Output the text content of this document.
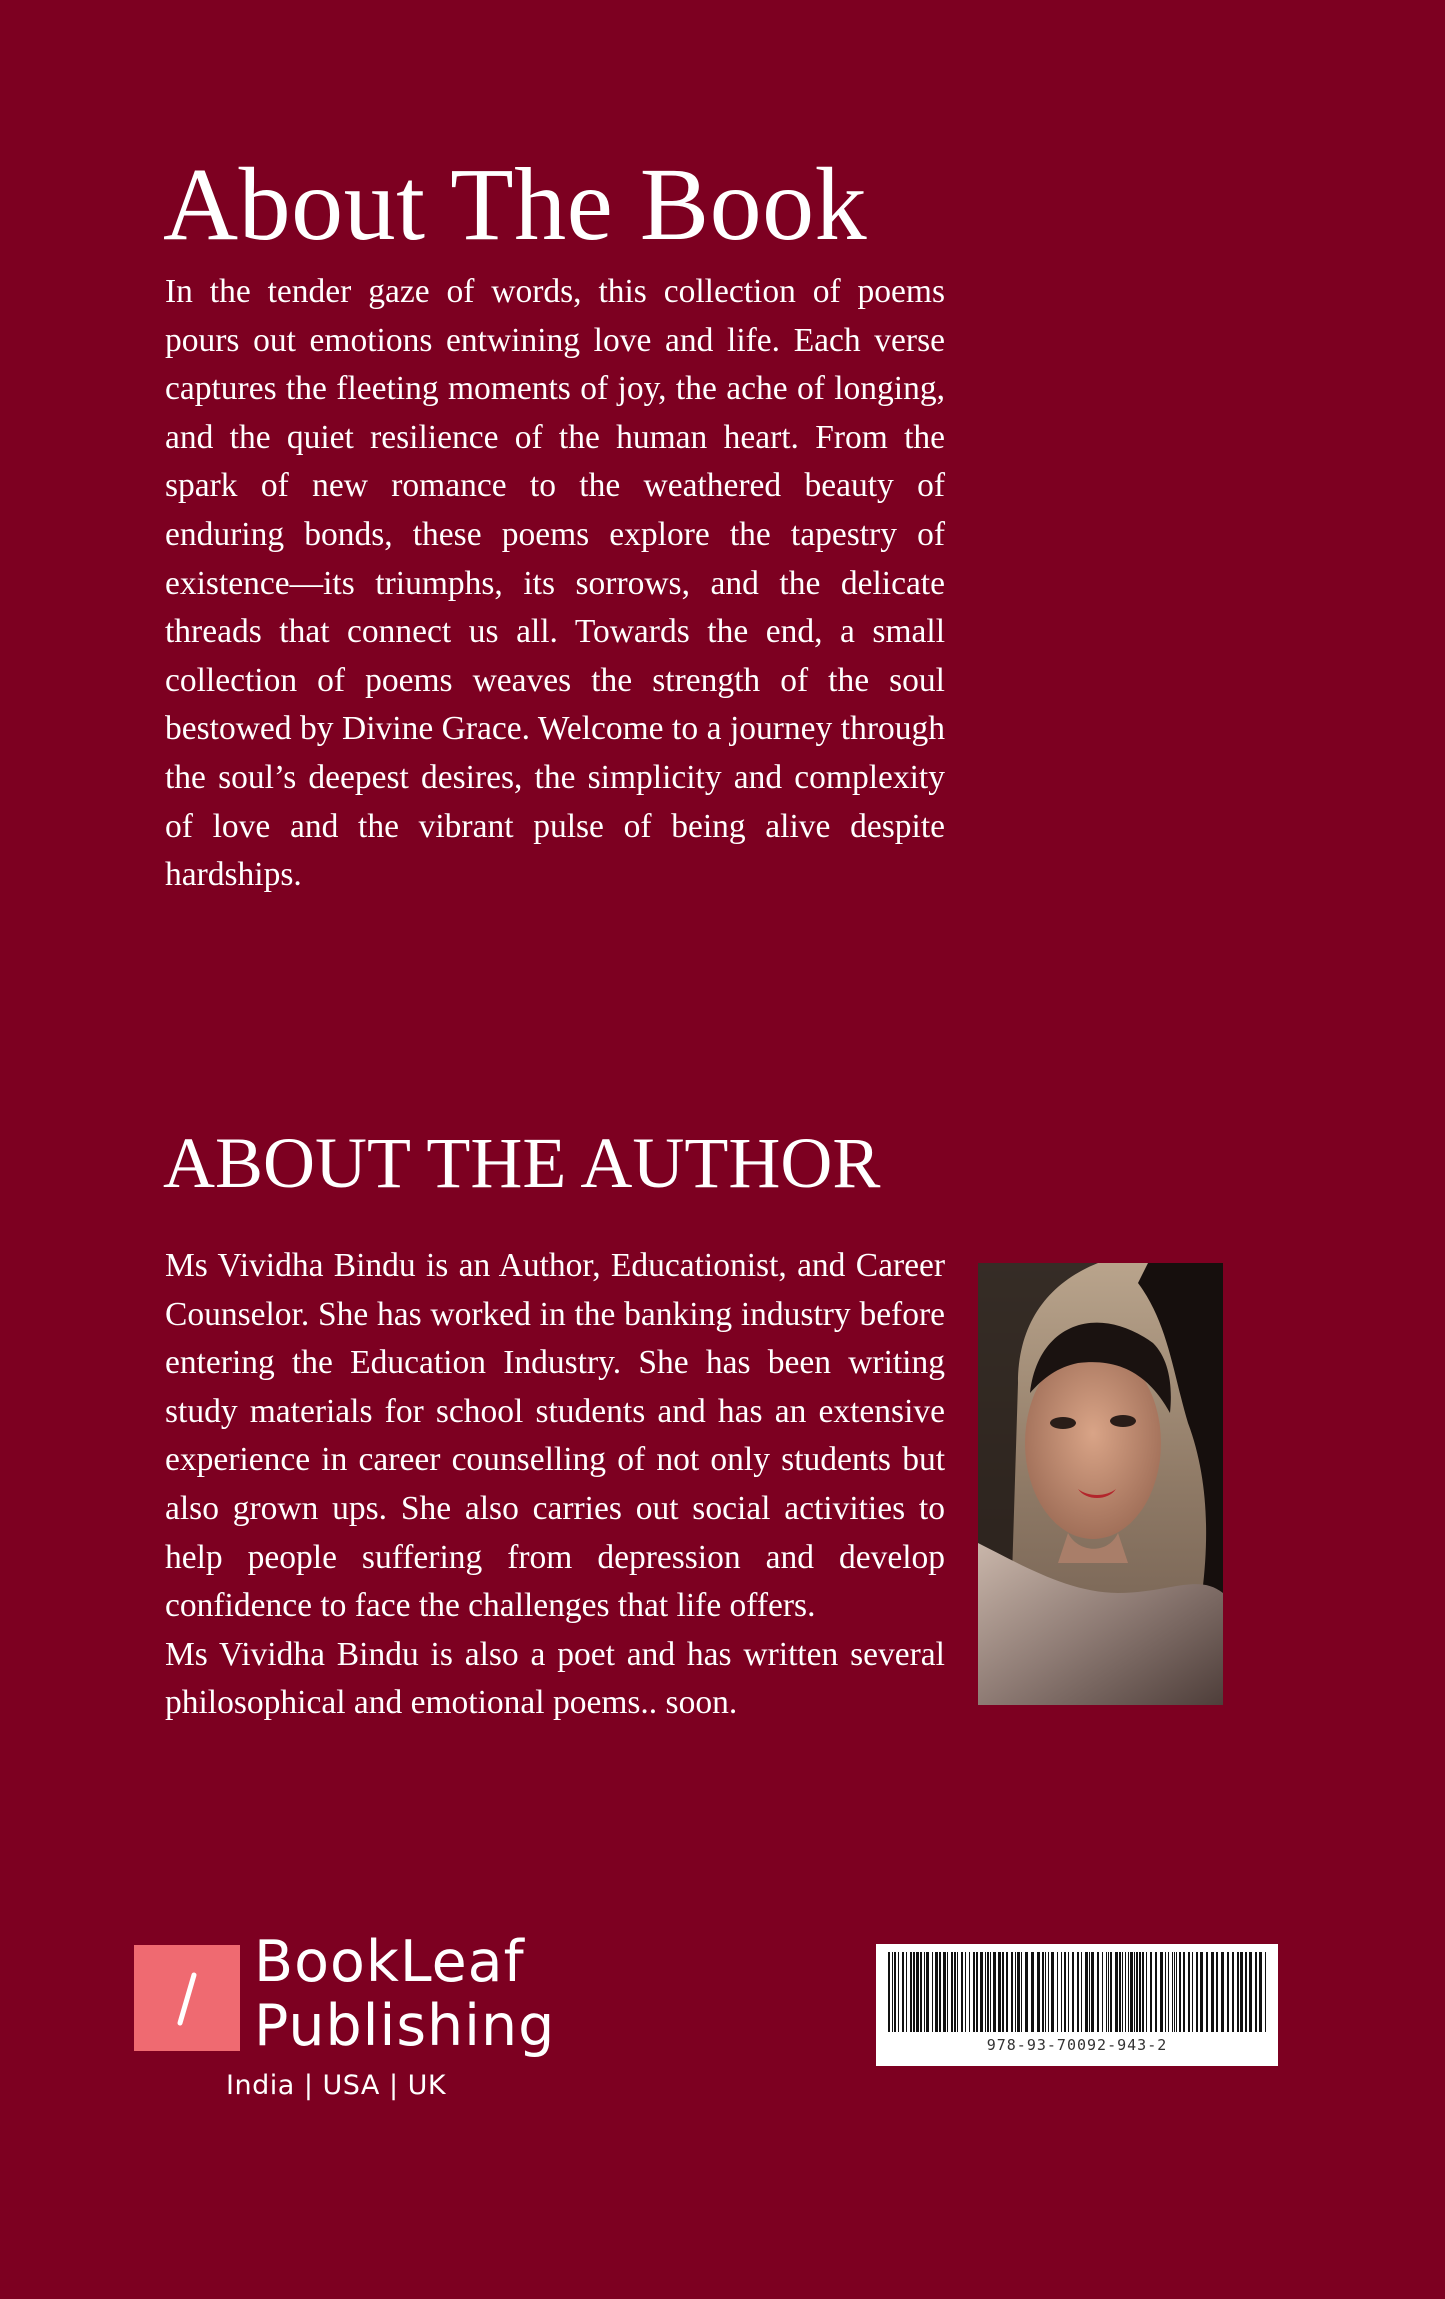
About The Book

In the tender gaze of words, this collection of poems pours out emotions entwining love and life. Each verse captures the fleeting moments of joy, the ache of longing, and the quiet resilience of the human heart. From the spark of new romance to the weathered beauty of enduring bonds, these poems explore the tapestry of existence—its triumphs, its sorrows, and the delicate threads that connect us all. Towards the end, a small collection of poems weaves the strength of the soul bestowed by Divine Grace. Welcome to a journey through the soul’s deepest desires, the simplicity and complexity of love and the vibrant pulse of being alive despite hardships.

ABOUT THE AUTHOR

Ms Vividha Bindu is an Author, Educationist, and Career Counselor. She has worked in the banking industry before entering the Education Industry. She has been writing study materials for school students and has an extensive experience in career counselling of not only students but also grown ups. She also carries out social activities to help people suffering from depression and develop confidence to face the challenges that life offers.

Ms Vividha Bindu is also a poet and has written several philosophical and emotional poems.. soon.

BookLeaf
Publishing
India | USA | UK
978-93-70092-943-2
